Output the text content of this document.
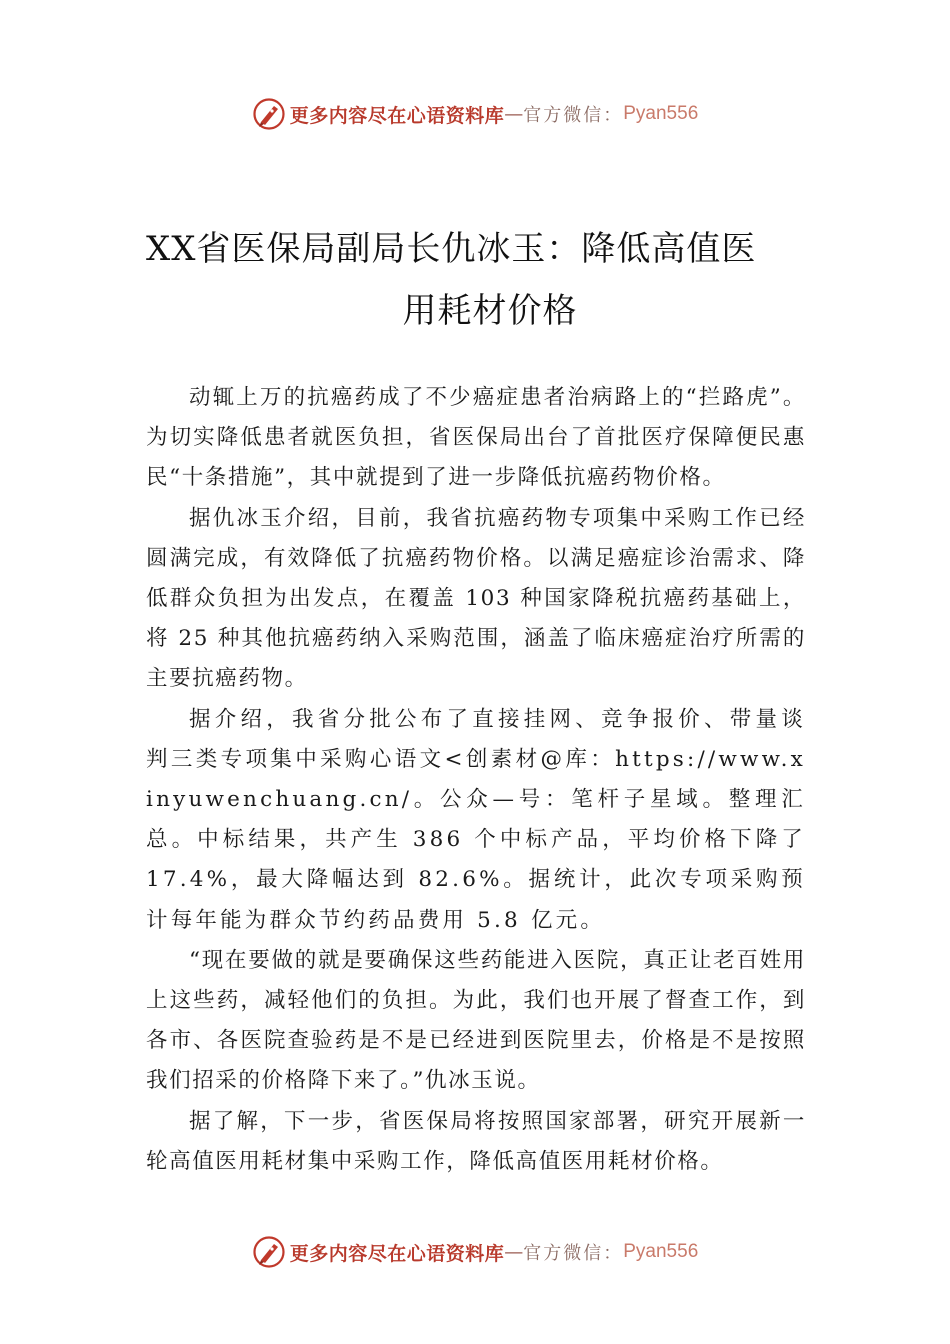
更多内容尽在心语资料库 — 官方微信： Pyan556
XX省医保局副局长仇冰玉：降低高值医
用耗材价格

动辄上万的抗癌药成了不少癌症患者治病路上的“拦路虎”。为切实降低患者就医负担，省医保局出台了首批医疗保障便民惠民“十条措施”，其中就提到了进一步降低抗癌药物价格。

据仇冰玉介绍，目前，我省抗癌药物专项集中采购工作已经圆满完成，有效降低了抗癌药物价格。以满足癌症诊治需求、降低群众负担为出发点，在覆盖 103 种国家降税抗癌药基础上，将 25 种其他抗癌药纳入采购范围，涵盖了临床癌症治疗所需的主要抗癌药物。

据介绍，我省分批公布了直接挂网、竞争报价、带量谈判三类专项集中采购心语文<创素材@库：https://www.xinyuwenchuang.cn/。公众—号：笔杆子星域。整理汇总。中标结果，共产生 386 个中标产品，平均价格下降了 17.4%，最大降幅达到 82.6%。据统计，此次专项采购预计每年能为群众节约药品费用 5.8 亿元。

“现在要做的就是要确保这些药能进入医院，真正让老百姓用上这些药，减轻他们的负担。为此，我们也开展了督查工作，到各市、各医院查验药是不是已经进到医院里去，价格是不是按照我们招采的价格降下来了。”仇冰玉说。

据了解，下一步，省医保局将按照国家部署，研究开展新一轮高值医用耗材集中采购工作，降低高值医用耗材价格。

更多内容尽在心语资料库 — 官方微信： Pyan556
